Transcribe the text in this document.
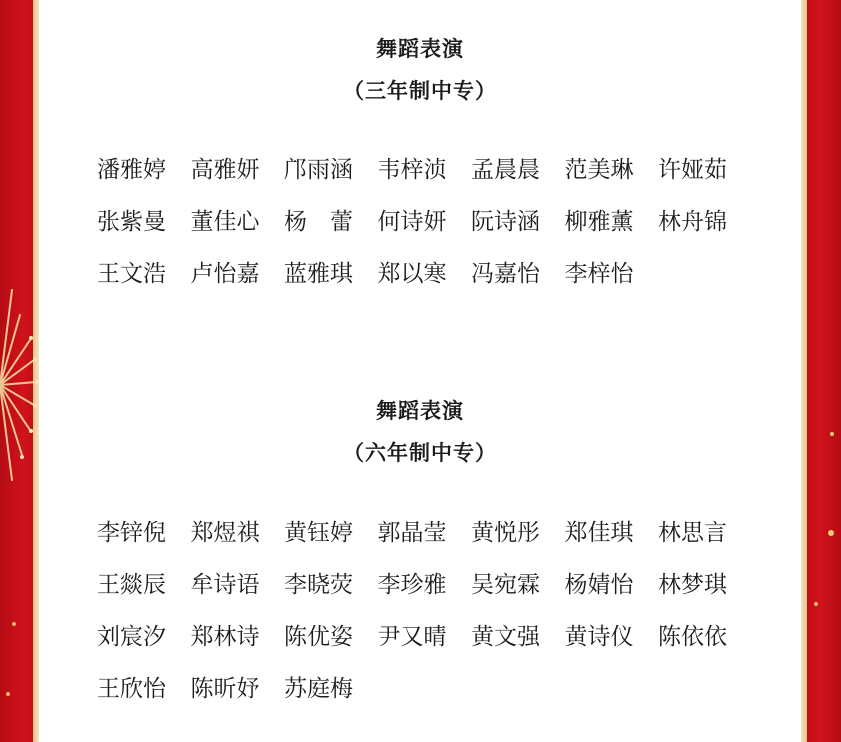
舞蹈表演
（三年制中专）
潘雅婷	高雅妍	邝雨涵	韦梓浈	孟晨晨	范美琳	许娅茹
张紫曼	董佳心	杨　蕾	何诗妍	阮诗涵	柳雅薰	林舟锦
王文浩	卢怡嘉	蓝雅琪	郑以寒	冯嘉怡	李梓怡
舞蹈表演
（六年制中专）
李锌倪	郑煜祺	黄钰婷	郭晶莹	黄悦彤	郑佳琪	林思言
王燚辰	牟诗语	李晓荧	李珍雅	吴宛霖	杨婧怡	林梦琪
刘宸汐	郑林诗	陈优姿	尹又晴	黄文强	黄诗仪	陈依依
王欣怡	陈昕妤	苏庭梅
